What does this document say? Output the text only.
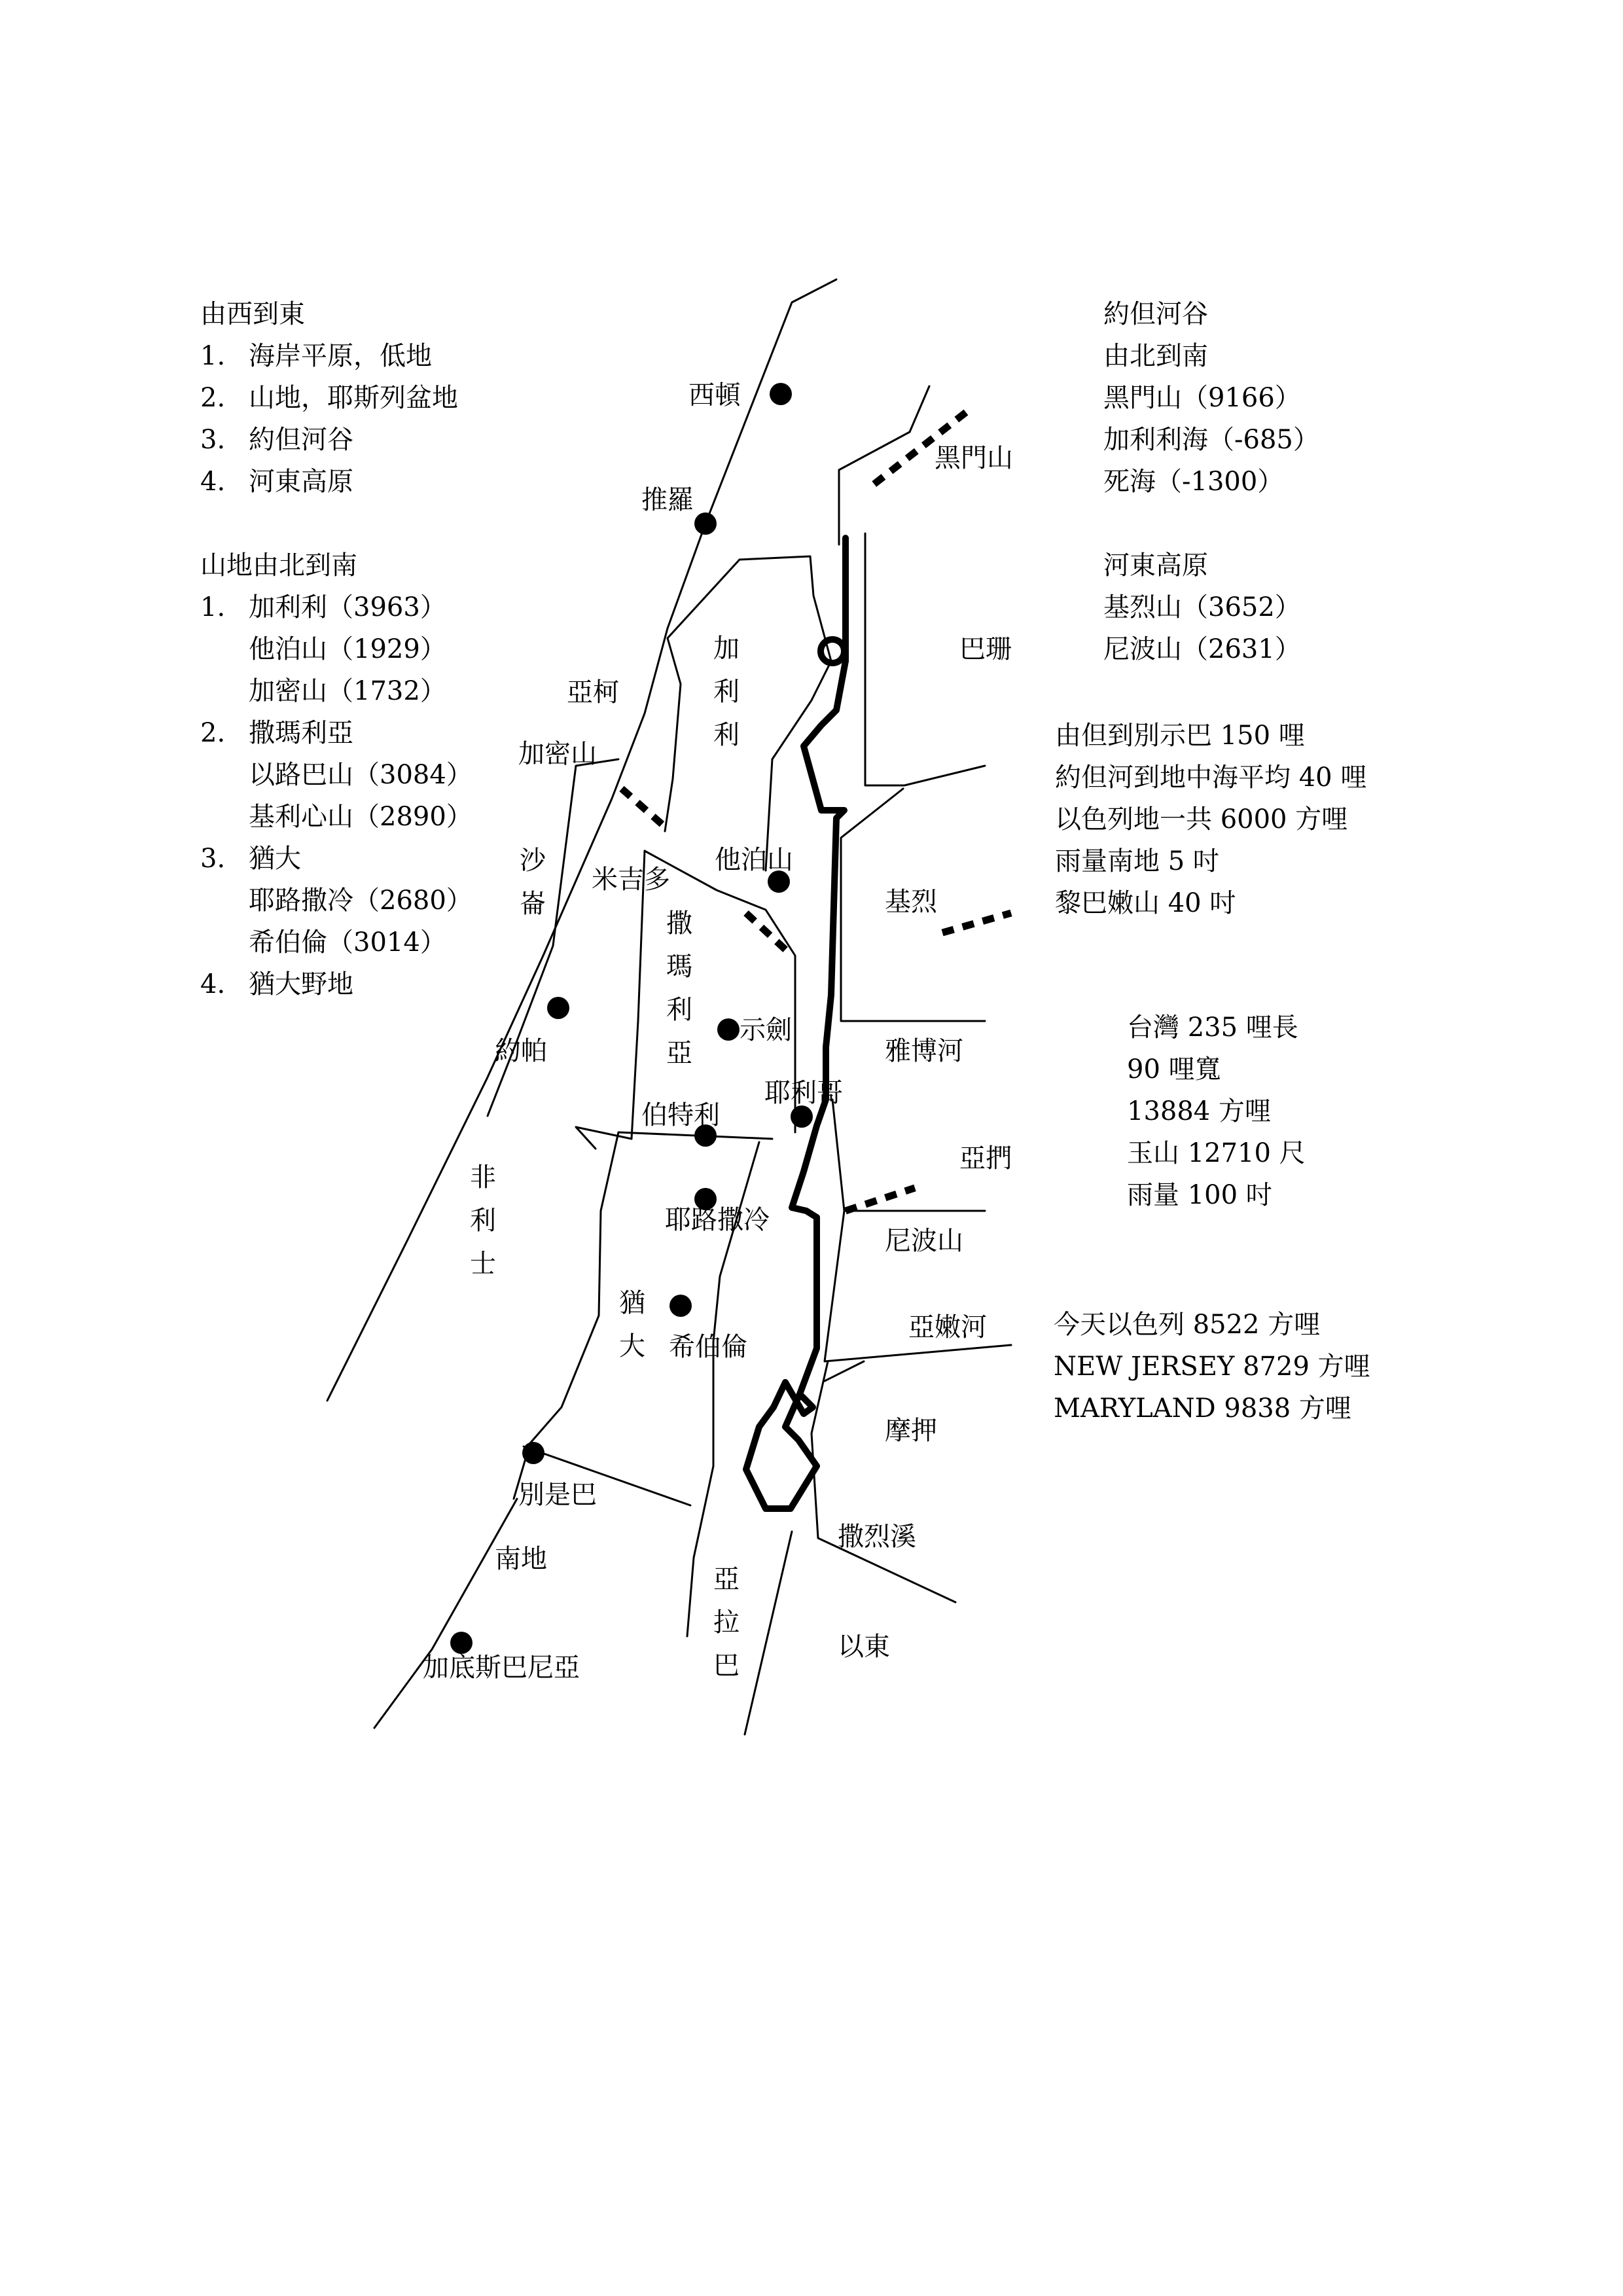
由西到東
1. 海岸平原，低地
2. 山地，耶斯列盆地
3. 約但河谷
4. 河東高原
山地由北到南
1. 加利利（3963）
他泊山（1929）
加密山（1732）
2. 撒瑪利亞
以路巴山（3084）
基利心山（2890）
3. 猶大
耶路撒冷（2680）
希伯倫（3014）
4. 猶大野地
約但河谷
由北到南
黑門山（9166）
加利利海（-685）
死海（-1300）
河東高原
基烈山（3652）
尼波山（2631）
由但到別示巴 150 哩
約但河到地中海平均 40 哩
以色列地一共 6000 方哩
雨量南地 5 吋
黎巴嫩山 40 吋
台灣 235 哩長
90 哩寬
13884 方哩
玉山 12710 尺
雨量 100 吋
今天以色列 8522 方哩
NEW JERSEY 8729 方哩
MARYLAND 9838 方哩
西頓
推羅
黑門山
巴珊
亞柯
加密山
他泊山
米吉多
基烈
約帕
示劍
雅博河
伯特利
耶利哥
亞捫
耶路撒冷
尼波山
希伯倫
亞嫩河
摩押
別是巴
撒烈溪
南地
以東
加底斯巴尼亞
加
利
利
沙
崙
撒
瑪
利
亞
非
利
士
猶
大
亞
拉
巴
